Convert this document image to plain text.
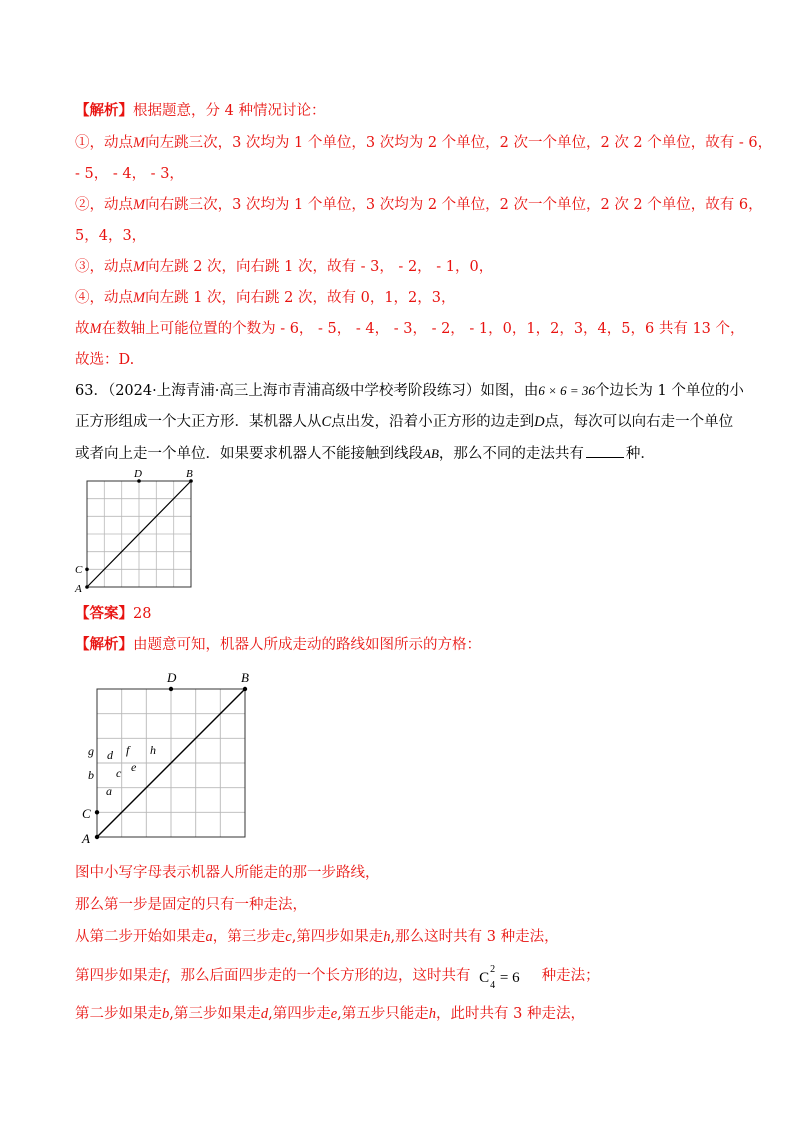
【解析】根据题意，分 4 种情况讨论：
①，动点M向左跳三次，3 次均为 1 个单位，3 次均为 2 个单位，2 次一个单位，2 次 2 个单位，故有 - 6，
- 5， - 4， - 3，
②，动点M向右跳三次，3 次均为 1 个单位，3 次均为 2 个单位，2 次一个单位，2 次 2 个单位，故有 6，
5，4，3，
③，动点M向左跳 2 次，向右跳 1 次，故有 - 3， - 2， - 1，0，
④，动点M向左跳 1 次，向右跳 2 次，故有 0，1，2，3，
故M在数轴上可能位置的个数为 - 6， - 5， - 4， - 3， - 2， - 1，0，1，2，3，4，5，6 共有 13 个，
故选：D.
63．（2024·上海青浦·高三上海市青浦高级中学校考阶段练习）如图，由6 × 6 = 36个边长为 1 个单位的小
正方形组成一个大正方形．某机器人从C点出发，沿着小正方形的边走到D点，每次可以向右走一个单位
或者向上走一个单位．如果要求机器人不能接触到线段AB，那么不同的走法共有	种．
D	B
C
A
【答案】28
【解析】由题意可知，机器人所成走动的路线如图所示的方格：
D	B
C
A
g
b
a
d
c
f
e
h
图中小写字母表示机器人所能走的那一步路线，
那么第一步是固定的只有一种走法，
从第二步开始如果走a，第三步走c,第四步如果走h,那么这时共有 3 种走法，
第四步如果走f，那么后面四步走的一个长方形的边，这时共有 C
2
4 = 6 种走法；
第二步如果走b,第三步如果走d,第四步走e,第五步只能走h，此时共有 3 种走法，
